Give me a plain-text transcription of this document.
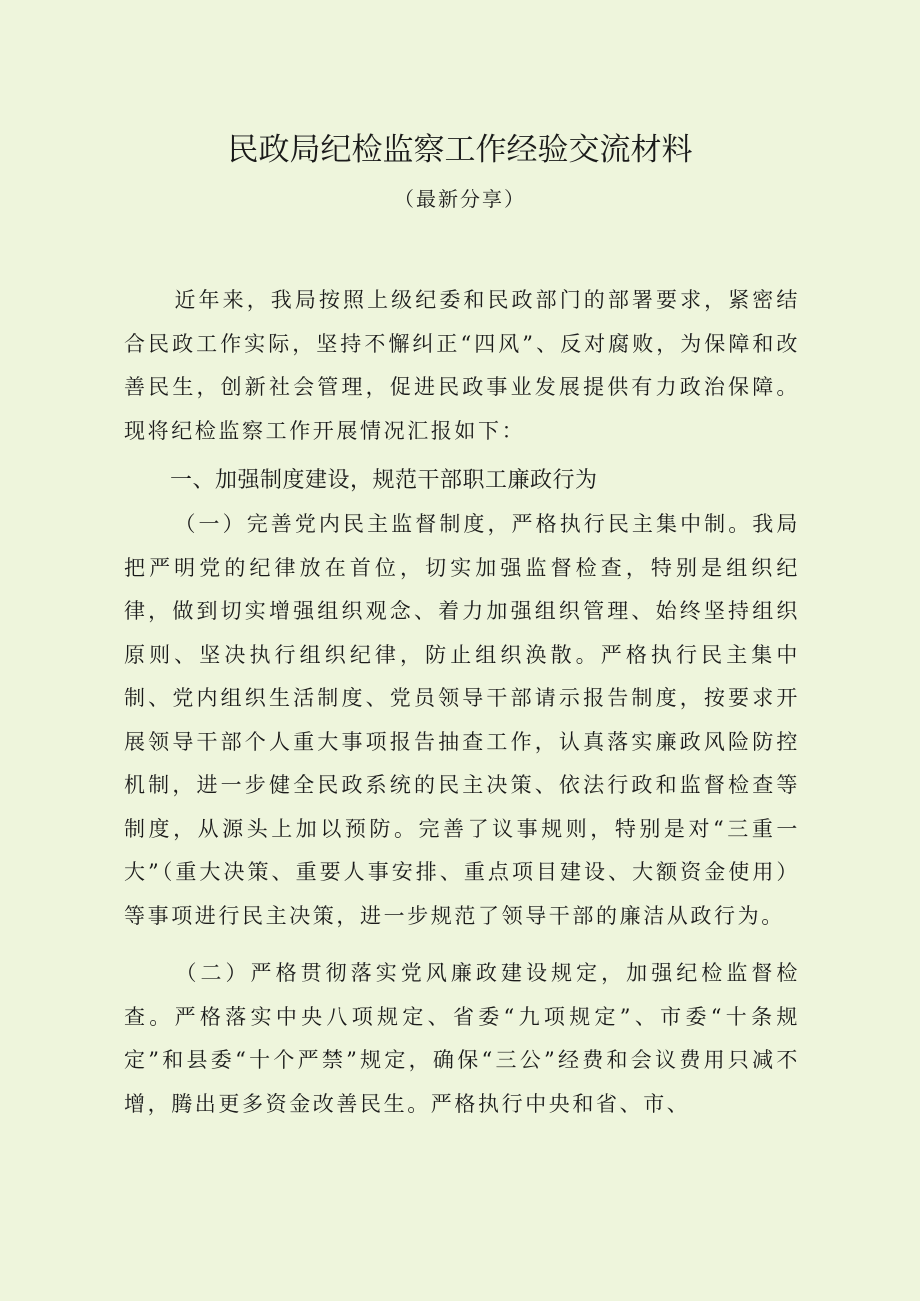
民政局纪检监察工作经验交流材料
（最新分享）

近年来，我局按照上级纪委和民政部门的部署要求，紧密结合民政工作实际，坚持不懈纠正“四风”、反对腐败，为保障和改善民生，创新社会管理，促进民政事业发展提供有力政治保障。现将纪检监察工作开展情况汇报如下：

一、加强制度建设，规范干部职工廉政行为

（一）完善党内民主监督制度，严格执行民主集中制。我局把严明党的纪律放在首位，切实加强监督检查，特别是组织纪律，做到切实增强组织观念、着力加强组织管理、始终坚持组织原则、坚决执行组织纪律，防止组织涣散。严格执行民主集中制、党内组织生活制度、党员领导干部请示报告制度，按要求开展领导干部个人重大事项报告抽查工作，认真落实廉政风险防控机制，进一步健全民政系统的民主决策、依法行政和监督检查等制度，从源头上加以预防。完善了议事规则，特别是对“三重一大”（重大决策、重要人事安排、重点项目建设、大额资金使用）等事项进行民主决策，进一步规范了领导干部的廉洁从政行为。

（二）严格贯彻落实党风廉政建设规定，加强纪检监督检查。严格落实中央八项规定、省委“九项规定”、市委“十条规定”和县委“十个严禁”规定，确保“三公”经费和会议费用只减不增，腾出更多资金改善民生。严格执行中央和省、市、
